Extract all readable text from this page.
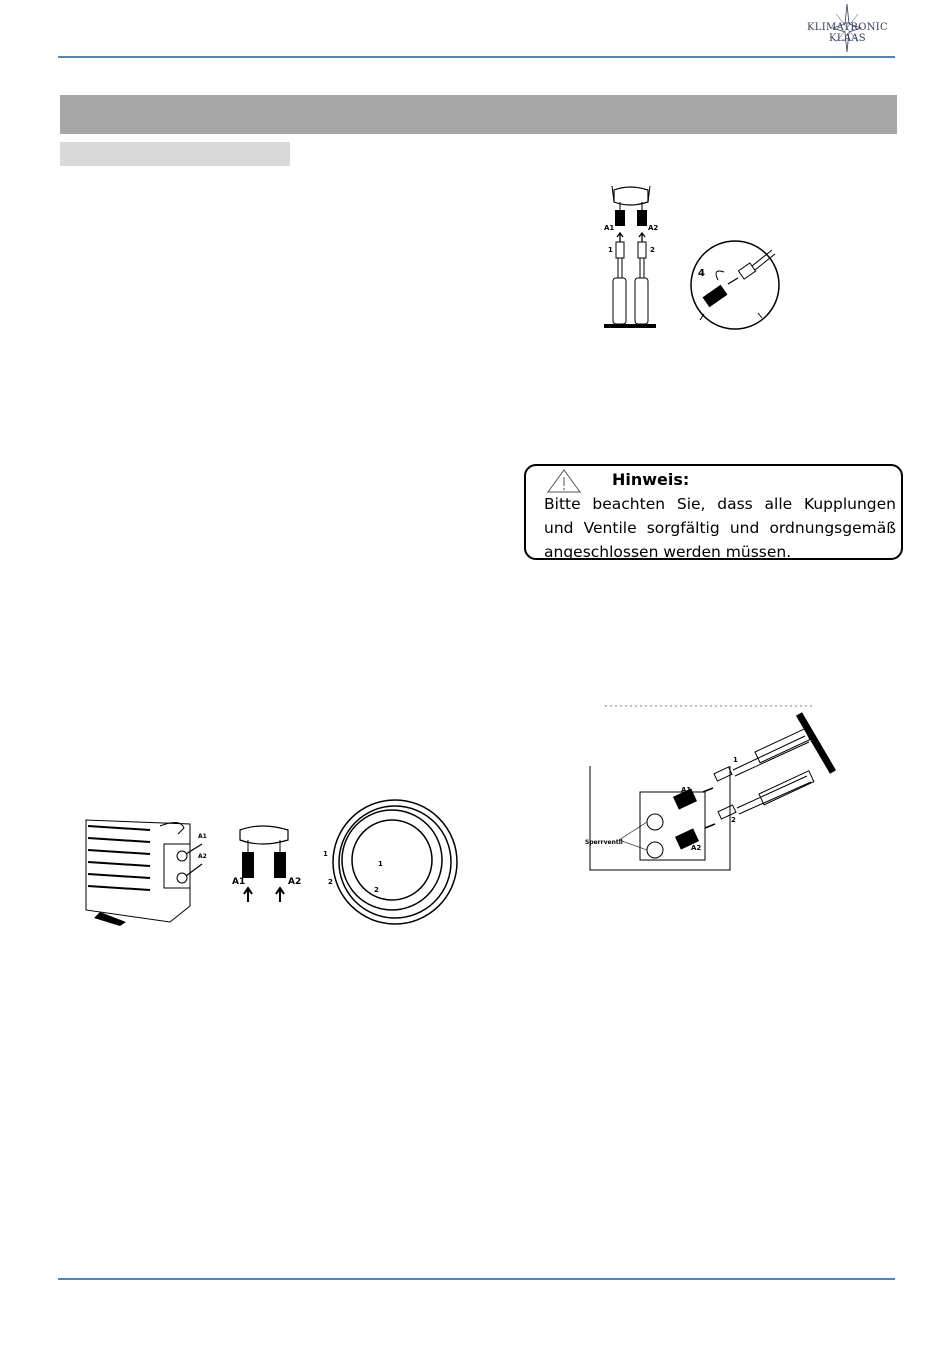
KLIMATRONIC KLAAS
A1	A2
1	2
4
Hinweis:
Bitte beachten Sie, dass alle Kupplungen und Ventile sorgfältig und ordnungsgemäß angeschlossen werden müssen.
A1
A2
A1	A2
1
2
1
2
1
2
A1
A2
Sperrventil
